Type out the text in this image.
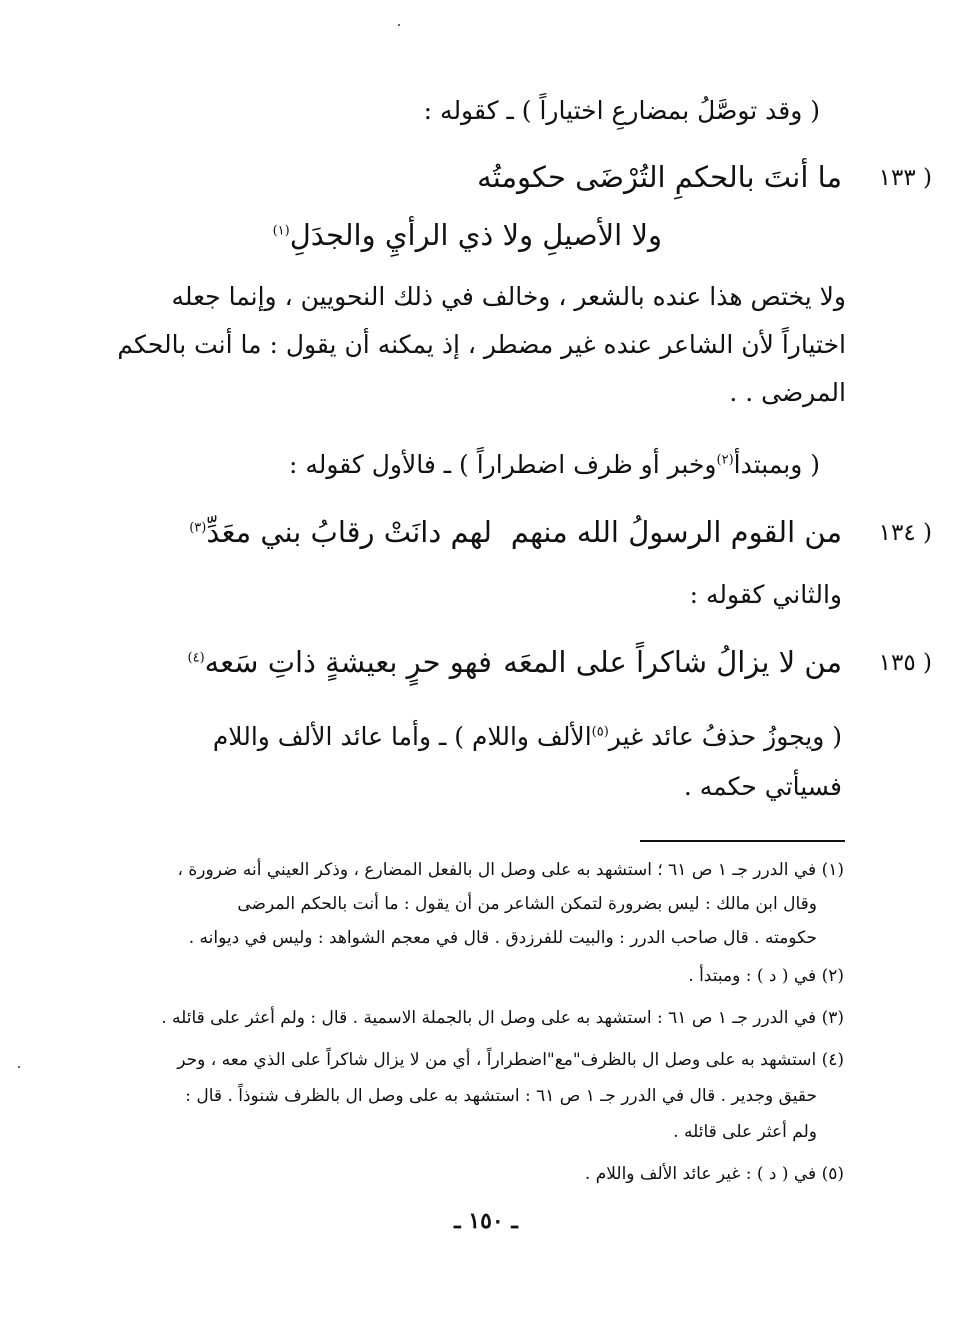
( وقد توصَّلُ بمضارعِ اختياراً ) ـ كقوله :
( ١٣٣
ما أنتَ بالحكمِ التُرْضَى حكومتُه
ولا الأصيلِ ولا ذي الرأيِ والجدَلِ$^{(١)}$
ولا يختص هذا عنده بالشعر ، وخالف في ذلك النحويين ، وإنما جعله
اختياراً لأن الشاعر عنده غير مضطر ، إذ يمكنه أن يقول : ما أنت بالحكم
المرضى . .
( وبمبتدأ$^{(٢)}$وخبر أو ظرف اضطراراً ) ـ فالأول كقوله :
( ١٣٤
من القوم الرسولُ الله منهم
لهم دانَتْ رقابُ بني معَدِّ$^{(٣)}$
والثاني كقوله :
( ١٣٥
من لا يزالُ شاكراً على المعَه
فهو حرٍ بعيشةٍ ذاتِ سَعه$^{(٤)}$
( ويجوزُ حذفُ عائد غير$^{(٥)}$الألف واللام ) ـ وأما عائد الألف واللام
فسيأتي حكمه .
(١) في الدرر جـ ١ ص ٦١ ؛ استشهد به على وصل ال بالفعل المضارع ، وذكر العيني أنه ضرورة ،
وقال ابن مالك : ليس بضرورة لتمكن الشاعر من أن يقول : ما أنت بالحكم المرضى
حكومته . قال صاحب الدرر : والبيت للفرزدق . قال في معجم الشواهد : وليس في ديوانه .
(٢) في ( د ) : ومبتدأ .
(٣) في الدرر جـ ١ ص ٦١ : استشهد به على وصل ال بالجملة الاسمية . قال : ولم أعثر على قائله .
(٤) استشهد به على وصل ال بالظرف"مع"اضطراراً ، أي من لا يزال شاكراً على الذي معه ، وحر
حقيق وجدير . قال في الدرر جـ ١ ص ٦١ : استشهد به على وصل ال بالظرف شنوذاً . قال :
ولم أعثر على قائله .
(٥) في ( د ) : غير عائد الألف واللام .
ـ ١٥٠ ـ
